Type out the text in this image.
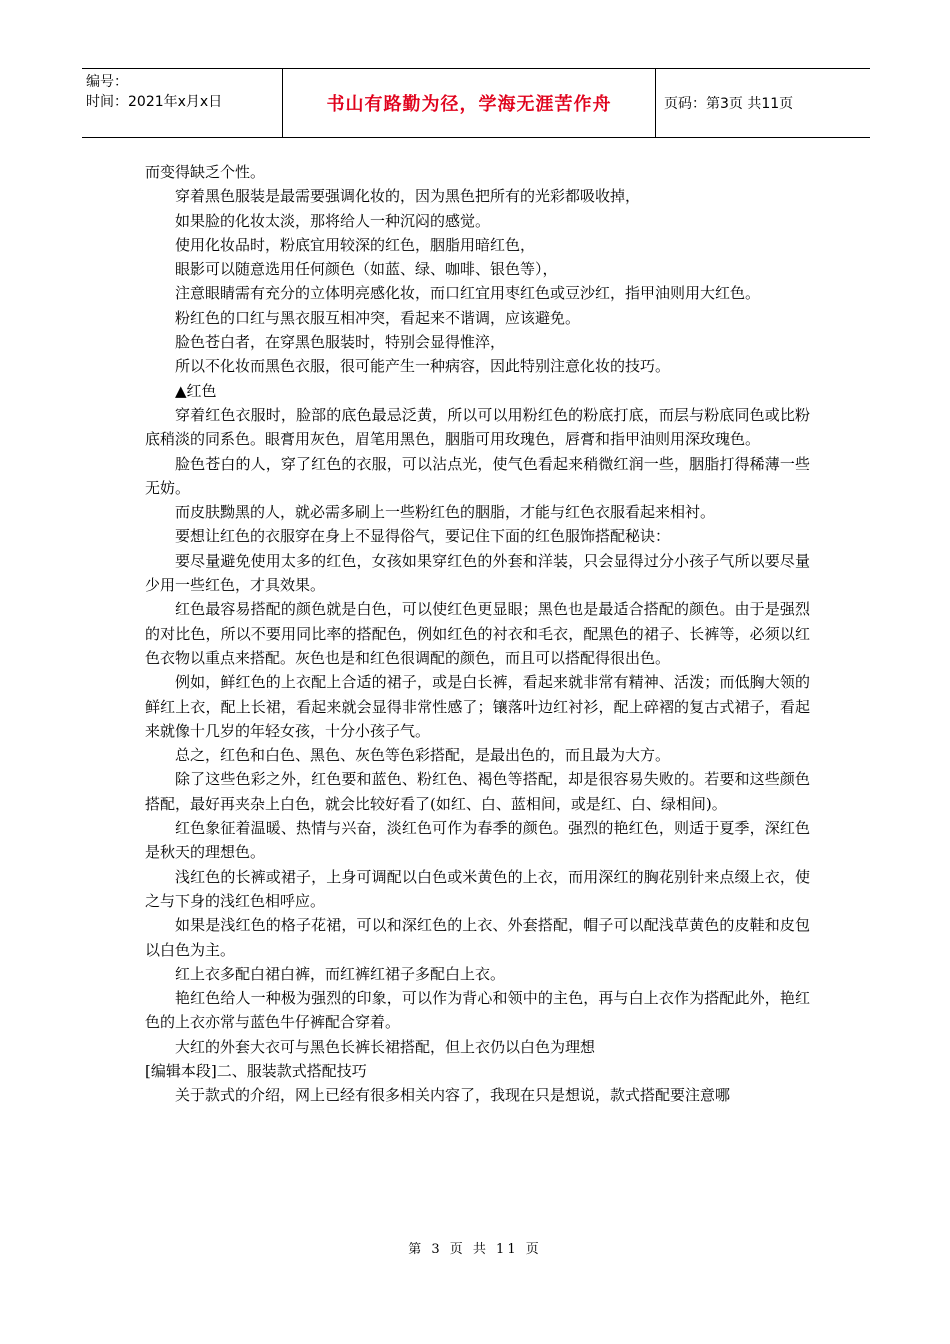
编号：
时间：2021年x月x日	书山有路勤为径，学海无涯苦作舟	页码：第3页 共11页

而变得缺乏个性。

穿着黑色服装是最需要强调化妆的，因为黑色把所有的光彩都吸收掉，

如果脸的化妆太淡，那将给人一种沉闷的感觉。

使用化妆品时，粉底宜用较深的红色，胭脂用暗红色，

眼影可以随意选用任何颜色（如蓝、绿、咖啡、银色等），

注意眼睛需有充分的立体明亮感化妆，而口红宜用枣红色或豆沙红，指甲油则用大红色。

粉红色的口红与黑衣服互相冲突，看起来不谐调，应该避免。

脸色苍白者，在穿黑色服装时，特别会显得惟淬，

所以不化妆而黑色衣服，很可能产生一种病容，因此特别注意化妆的技巧。

▲红色

穿着红色衣服时，脸部的底色最忌泛黄，所以可以用粉红色的粉底打底，而层与粉底同色或比粉底稍淡的同系色。眼膏用灰色，眉笔用黑色，胭脂可用玫瑰色，唇膏和指甲油则用深玫瑰色。

脸色苍白的人，穿了红色的衣服，可以沾点光，使气色看起来稍微红润一些，胭脂打得稀薄一些无妨。

而皮肤黝黑的人，就必需多刷上一些粉红色的胭脂，才能与红色衣服看起来相衬。

要想让红色的衣服穿在身上不显得俗气，要记住下面的红色服饰搭配秘诀：

要尽量避免使用太多的红色，女孩如果穿红色的外套和洋装，只会显得过分小孩子气所以要尽量少用一些红色，才具效果。

红色最容易搭配的颜色就是白色，可以使红色更显眼；黑色也是最适合搭配的颜色。由于是强烈的对比色，所以不要用同比率的搭配色，例如红色的衬衣和毛衣，配黑色的裙子、长裤等，必须以红色衣物以重点来搭配。灰色也是和红色很调配的颜色，而且可以搭配得很出色。

例如，鲜红色的上衣配上合适的裙子，或是白长裤，看起来就非常有精神、活泼；而低胸大领的鲜红上衣，配上长裙，看起来就会显得非常性感了；镶落叶边红衬衫，配上碎褶的复古式裙子，看起来就像十几岁的年轻女孩，十分小孩子气。

总之，红色和白色、黑色、灰色等色彩搭配，是最出色的，而且最为大方。

除了这些色彩之外，红色要和蓝色、粉红色、褐色等搭配，却是很容易失败的。若要和这些颜色搭配，最好再夹杂上白色，就会比较好看了(如红、白、蓝相间，或是红、白、绿相间)。

红色象征着温暖、热情与兴奋，淡红色可作为春季的颜色。强烈的艳红色，则适于夏季，深红色是秋天的理想色。

浅红色的长裤或裙子，上身可调配以白色或米黄色的上衣，而用深红的胸花别针来点缀上衣，使之与下身的浅红色相呼应。

如果是浅红色的格子花裙，可以和深红色的上衣、外套搭配，帽子可以配浅草黄色的皮鞋和皮包以白色为主。

红上衣多配白裙白裤，而红裤红裙子多配白上衣。

艳红色给人一种极为强烈的印象，可以作为背心和领中的主色，再与白上衣作为搭配此外，艳红色的上衣亦常与蓝色牛仔裤配合穿着。

大红的外套大衣可与黑色长裤长裙搭配，但上衣仍以白色为理想

[编辑本段]二、服装款式搭配技巧

关于款式的介绍，网上已经有很多相关内容了，我现在只是想说，款式搭配要注意哪

第 3 页 共 11 页
